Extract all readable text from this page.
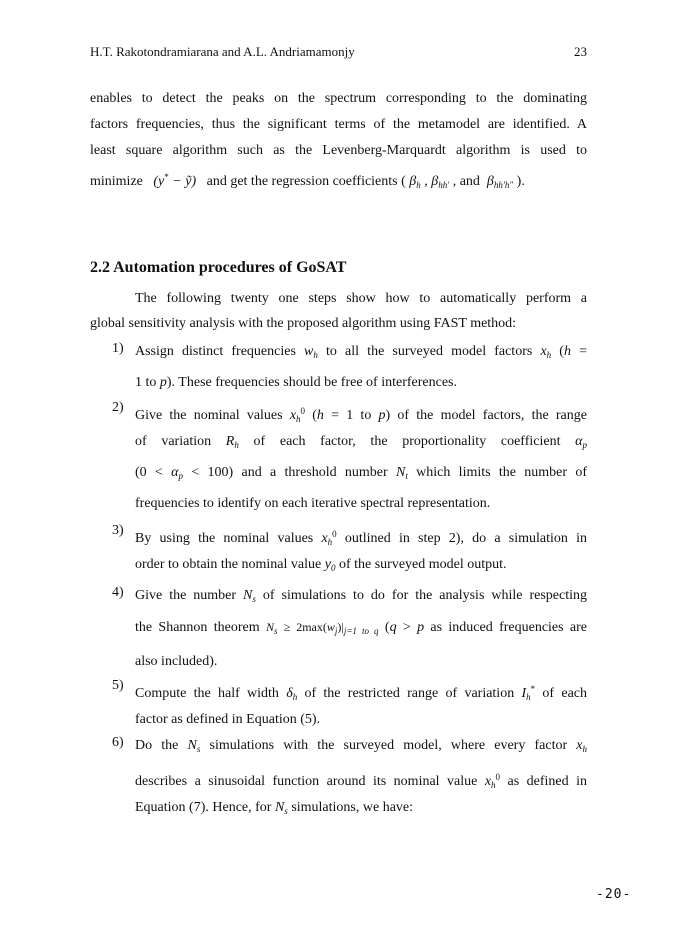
H.T. Rakotondramiarana and A.L. Andriamamonjy	23
enables to detect the peaks on the spectrum corresponding to the dominating
factors frequencies, thus the significant terms of the metamodel are identified. A
least square algorithm such as the Levenberg-Marquardt algorithm is used to
minimize (y* − ỹ) and get the regression coefficients ( $\beta_h$ , $\beta_{hh'}$ , and $\beta_{hh'h''}$ ).
2.2 Automation procedures of GoSAT
The following twenty one steps show how to automatically perform a
global sensitivity analysis with the proposed algorithm using FAST method:
1) Assign distinct frequencies $w_h$ to all the surveyed model factors $x_h$ (h =
1 to p). These frequencies should be free of interferences.
2)
Give the nominal values $x_h^0$ (h = 1 to p) of the model factors, the range
of variation $R_h$ of each factor, the proportionality coefficient $\alpha_p$
$(0 < \alpha_p < 100)$ and a threshold number $N_t$ which limits the number of
frequencies to identify on each iterative spectral representation.
3)
By using the nominal values $x_h^0$ outlined in step 2), do a simulation in
order to obtain the nominal value $y_0$ of the surveyed model output.
4) Give the number $N_s$ of simulations to do for the analysis while respecting
the Shannon theorem $N_s \ge 2\max(w_j)|_{j=1 to q}$ (q > p as induced frequencies are
also included).
5)
Compute the half width $\delta_h$ of the restricted range of variation $I_h^*$ of each
factor as defined in Equation (5).
6) Do the $N_s$ simulations with the surveyed model, where every factor $x_h$
describes a sinusoidal function around its nominal value $x_h^0$ as defined in
Equation (7). Hence, for $N_s$ simulations, we have:
-20-
